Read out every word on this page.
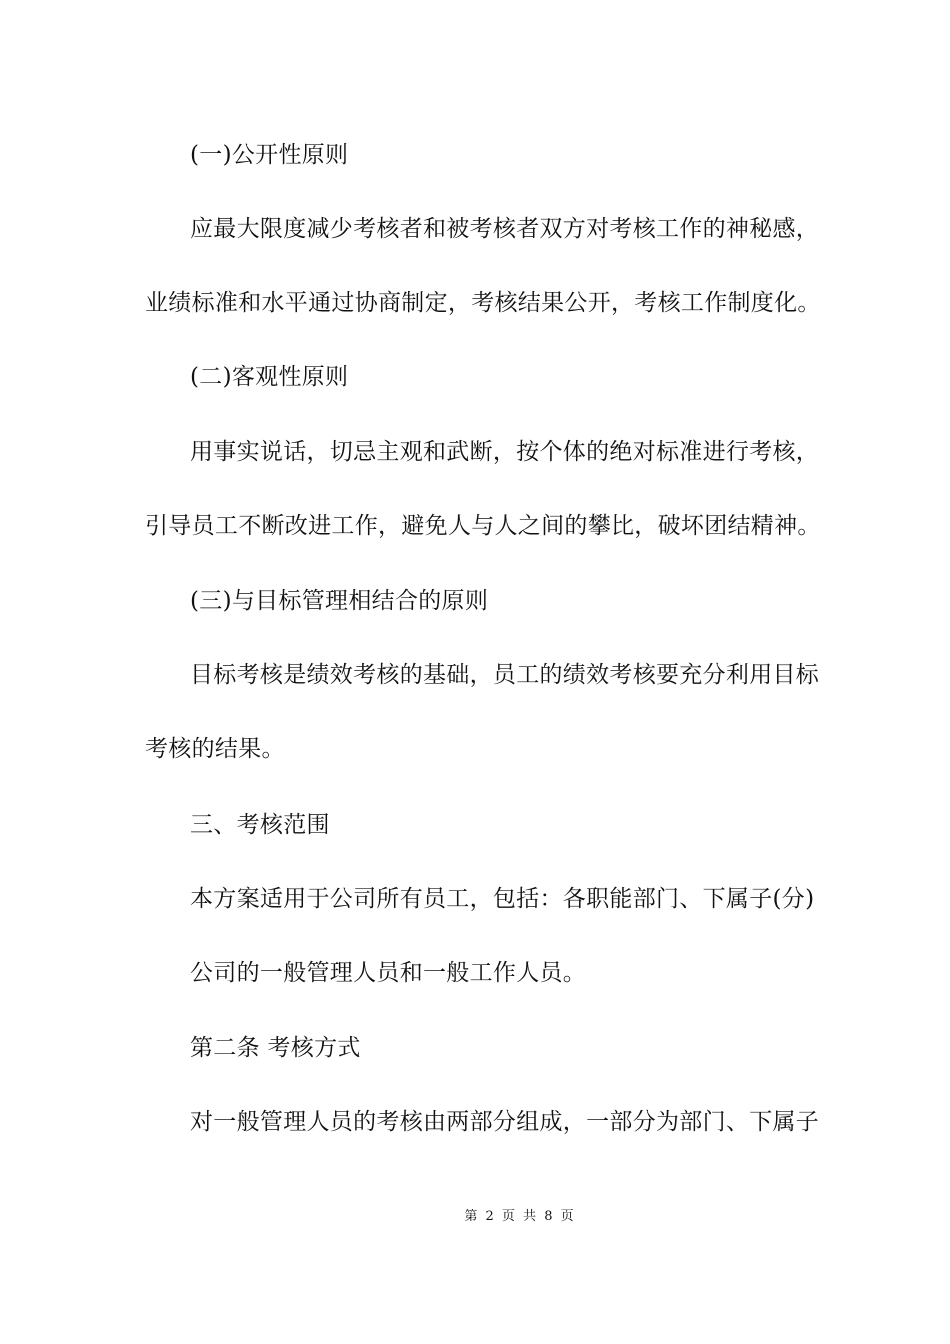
(一)公开性原则
应最大限度减少考核者和被考核者双方对考核工作的神秘感，
业绩标准和水平通过协商制定，考核结果公开，考核工作制度化。
(二)客观性原则
用事实说话，切忌主观和武断，按个体的绝对标准进行考核，
引导员工不断改进工作，避免人与人之间的攀比，破坏团结精神。
(三)与目标管理相结合的原则
目标考核是绩效考核的基础，员工的绩效考核要充分利用目标
考核的结果。
三、考核范围
本方案适用于公司所有员工，包括：各职能部门、下属子(分)
公司的一般管理人员和一般工作人员。
第二条 考核方式
对一般管理人员的考核由两部分组成，一部分为部门、下属子
第 2 页 共 8 页
